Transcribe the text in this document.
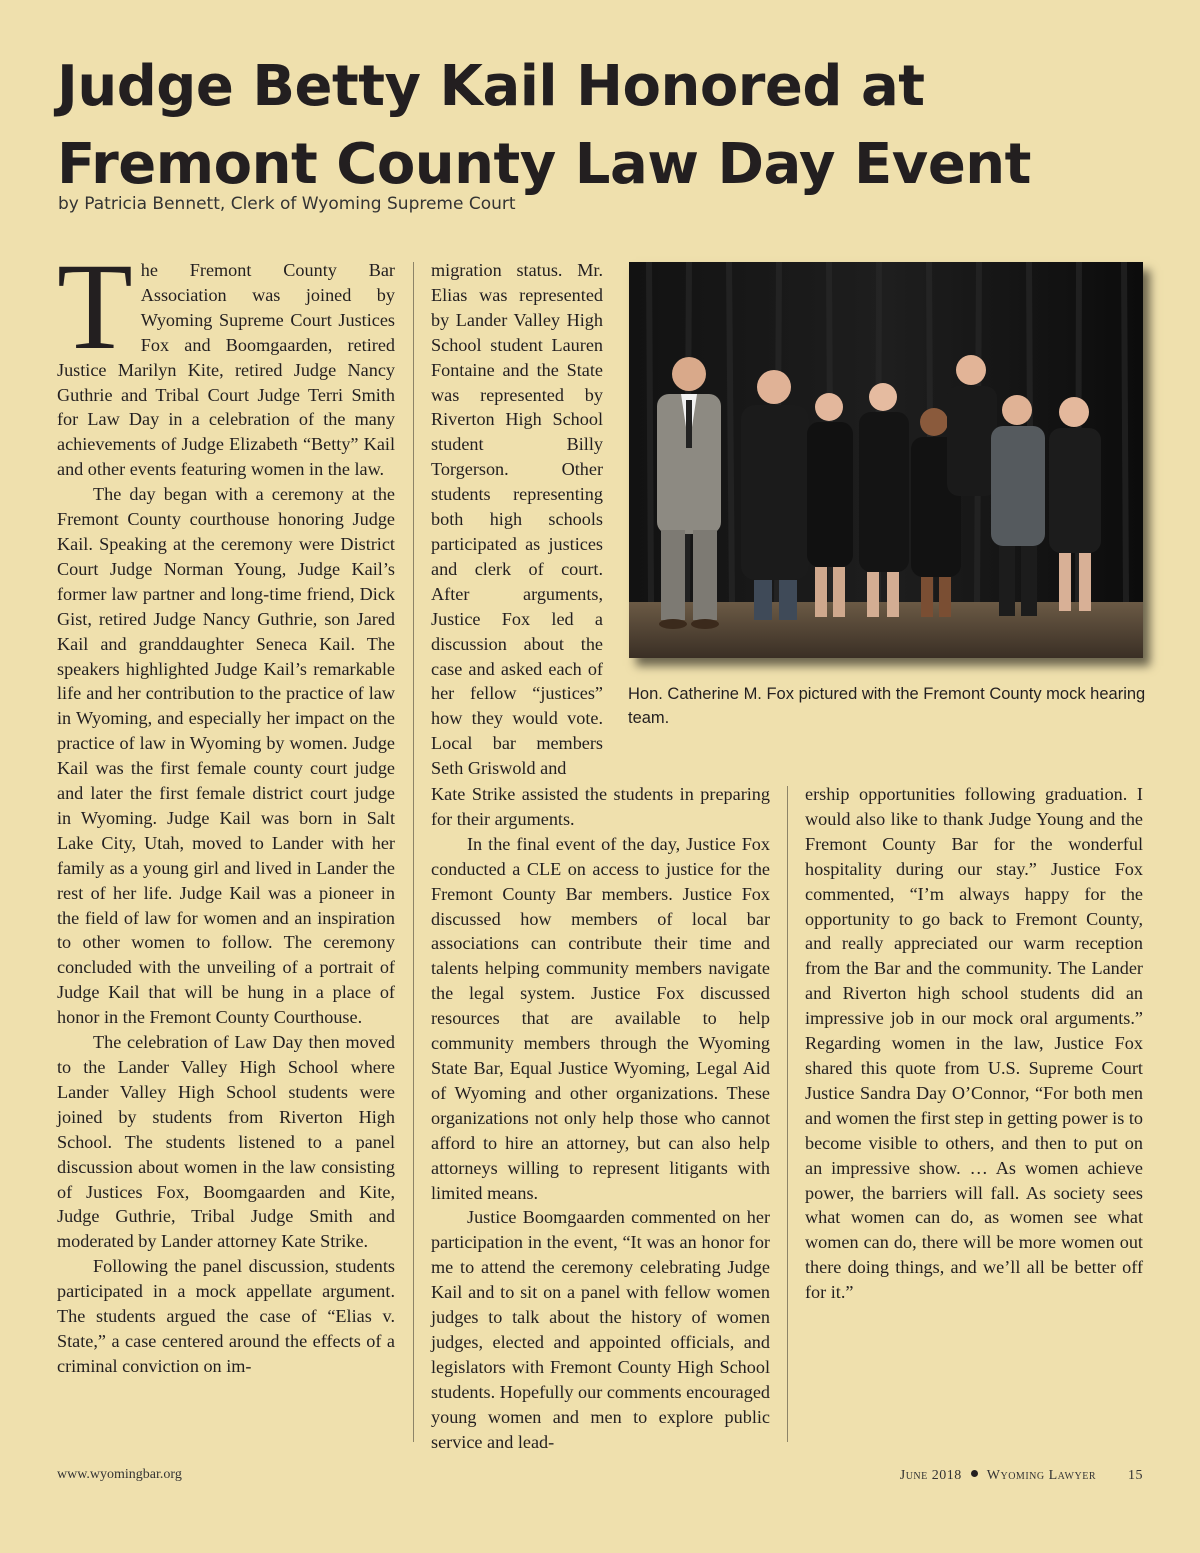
Judge Betty Kail Honored at
Fremont County Law Day Event
by Patricia Bennett, Clerk of Wyoming Supreme Court

The Fremont County Bar Association was joined by Wyoming Supreme Court Justices Fox and Boomgaarden, retired Justice Marilyn Kite, retired Judge Nancy Guthrie and Tribal Court Judge Terri Smith for Law Day in a celebration of the many achievements of Judge Elizabeth “Betty” Kail and other events featuring women in the law.

The day began with a ceremony at the Fremont County courthouse honoring Judge Kail. Speaking at the ceremony were District Court Judge Norman Young, Judge Kail’s former law partner and long-time friend, Dick Gist, retired Judge Nancy Guthrie, son Jared Kail and granddaughter Seneca Kail. The speakers highlighted Judge Kail’s remarkable life and her contribution to the practice of law in Wyoming, and especially her impact on the practice of law in Wyoming by women. Judge Kail was the first female county court judge and later the first female district court judge in Wyoming. Judge Kail was born in Salt Lake City, Utah, moved to Lander with her family as a young girl and lived in Lander the rest of her life. Judge Kail was a pioneer in the field of law for women and an inspiration to other women to follow. The ceremony concluded with the unveiling of a portrait of Judge Kail that will be hung in a place of honor in the Fremont County Courthouse.

The celebration of Law Day then moved to the Lander Valley High School where Lander Valley High School students were joined by students from Riverton High School. The students listened to a panel discussion about women in the law consisting of Justices Fox, Boomgaarden and Kite, Judge Guthrie, Tribal Judge Smith and moderated by Lander attorney Kate Strike.

Following the panel discussion, students participated in a mock appellate argument. The students argued the case of “Elias v. State,” a case centered around the effects of a criminal conviction on im-

migration status. Mr. Elias was represented by Lander Valley High School student Lauren Fontaine and the State was represented by Riverton High School student Billy Torgerson. Other students representing both high schools participated as justices and clerk of court. After arguments, Justice Fox led a discussion about the case and asked each of her fellow “justices” how they would vote. Local bar members Seth Griswold and

Hon. Catherine M. Fox pictured with the Fremont County mock hearing team.

Kate Strike assisted the students in preparing for their arguments.

In the final event of the day, Justice Fox conducted a CLE on access to justice for the Fremont County Bar members. Justice Fox discussed how members of local bar associations can contribute their time and talents helping community members navigate the legal system. Justice Fox discussed resources that are available to help community members through the Wyoming State Bar, Equal Justice Wyoming, Legal Aid of Wyoming and other organizations. These organizations not only help those who cannot afford to hire an attorney, but can also help attorneys willing to represent litigants with limited means.

Justice Boomgaarden commented on her participation in the event, “It was an honor for me to attend the ceremony celebrating Judge Kail and to sit on a panel with fellow women judges to talk about the history of women judges, elected and appointed officials, and legislators with Fremont County High School students. Hopefully our comments encouraged young women and men to explore public service and lead-

ership opportunities following graduation. I would also like to thank Judge Young and the Fremont County Bar for the wonderful hospitality during our stay.” Justice Fox commented, “I’m always happy for the opportunity to go back to Fremont County, and really appreciated our warm reception from the Bar and the community. The Lander and Riverton high school students did an impressive job in our mock oral arguments.” Regarding women in the law, Justice Fox shared this quote from U.S. Supreme Court Justice Sandra Day O’Connor, “For both men and women the first step in getting power is to become visible to others, and then to put on an impressive show. … As women achieve power, the barriers will fall. As society sees what women can do, as women see what women can do, there will be more women out there doing things, and we’ll all be better off for it.”

www.wyomingbar.org	June 2018 Wyoming Lawyer 15
